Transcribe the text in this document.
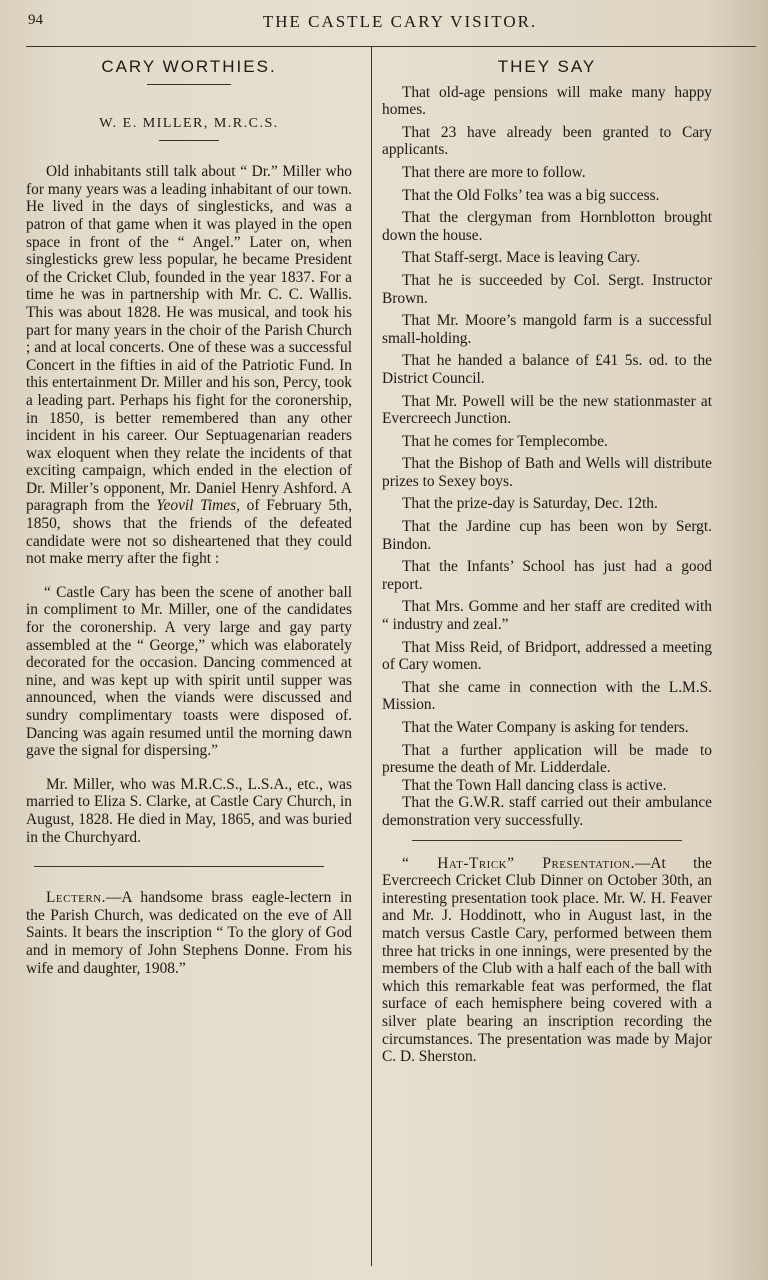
94	THE CASTLE CARY VISITOR.
CARY WORTHIES.
W. E. MILLER, M.R.C.S.

Old inhabitants still talk about “ Dr.” Miller who for many years was a leading inhabitant of our town. He lived in the days of singlesticks, and was a patron of that game when it was played in the open space in front of the “ Angel.” Later on, when singlesticks grew less popular, he became President of the Cricket Club, founded in the year 1837. For a time he was in partnership with Mr. C. C. Wallis. This was about 1828. He was musical, and took his part for many years in the choir of the Parish Church ; and at local concerts. One of these was a successful Concert in the fifties in aid of the Patriotic Fund. In this entertainment Dr. Miller and his son, Percy, took a leading part. Perhaps his fight for the coronership, in 1850, is better remembered than any other incident in his career. Our Septuagenarian readers wax eloquent when they relate the incidents of that exciting campaign, which ended in the election of Dr. Miller’s opponent, Mr. Daniel Henry Ashford. A paragraph from the Yeovil Times, of February 5th, 1850, shows that the friends of the defeated candidate were not so disheartened that they could not make merry after the fight :

“ Castle Cary has been the scene of another ball in compliment to Mr. Miller, one of the candidates for the coronership. A very large and gay party assembled at the “ George,” which was elaborately decorated for the occasion. Dancing commenced at nine, and was kept up with spirit until supper was announced, when the viands were discussed and sundry complimentary toasts were disposed of. Dancing was again resumed until the morning dawn gave the signal for dispersing.”

Mr. Miller, who was M.R.C.S., L.S.A., etc., was married to Eliza S. Clarke, at Castle Cary Church, in August, 1828. He died in May, 1865, and was buried in the Churchyard.

Lectern.—A handsome brass eagle-lectern in the Parish Church, was dedicated on the eve of All Saints. It bears the inscription “ To the glory of God and in memory of John Stephens Donne. From his wife and daughter, 1908.”

THEY SAY

That old-age pensions will make many happy homes.

That 23 have already been granted to Cary applicants.

That there are more to follow.

That the Old Folks’ tea was a big success.

That the clergyman from Hornblotton brought down the house.

That Staff-sergt. Mace is leaving Cary.

That he is succeeded by Col. Sergt. Instructor Brown.

That Mr. Moore’s mangold farm is a successful small-holding.

That he handed a balance of £41 5s. od. to the District Council.

That Mr. Powell will be the new stationmaster at Evercreech Junction.

That he comes for Templecombe.

That the Bishop of Bath and Wells will distribute prizes to Sexey boys.

That the prize-day is Saturday, Dec. 12th.

That the Jardine cup has been won by Sergt. Bindon.

That the Infants’ School has just had a good report.

That Mrs. Gomme and her staff are credited with “ industry and zeal.”

That Miss Reid, of Bridport, addressed a meeting of Cary women.

That she came in connection with the L.M.S. Mission.

That the Water Company is asking for tenders.

That a further application will be made to presume the death of Mr. Lidderdale.

That the Town Hall dancing class is active.

That the G.W.R. staff carried out their ambulance demonstration very successfully.

“ Hat-Trick” Presentation.—At the Evercreech Cricket Club Dinner on October 30th, an interesting presentation took place. Mr. W. H. Feaver and Mr. J. Hoddinott, who in August last, in the match versus Castle Cary, performed between them three hat tricks in one innings, were presented by the members of the Club with a half each of the ball with which this remarkable feat was performed, the flat surface of each hemisphere being covered with a silver plate bearing an inscription recording the circumstances. The presentation was made by Major C. D. Sherston.
